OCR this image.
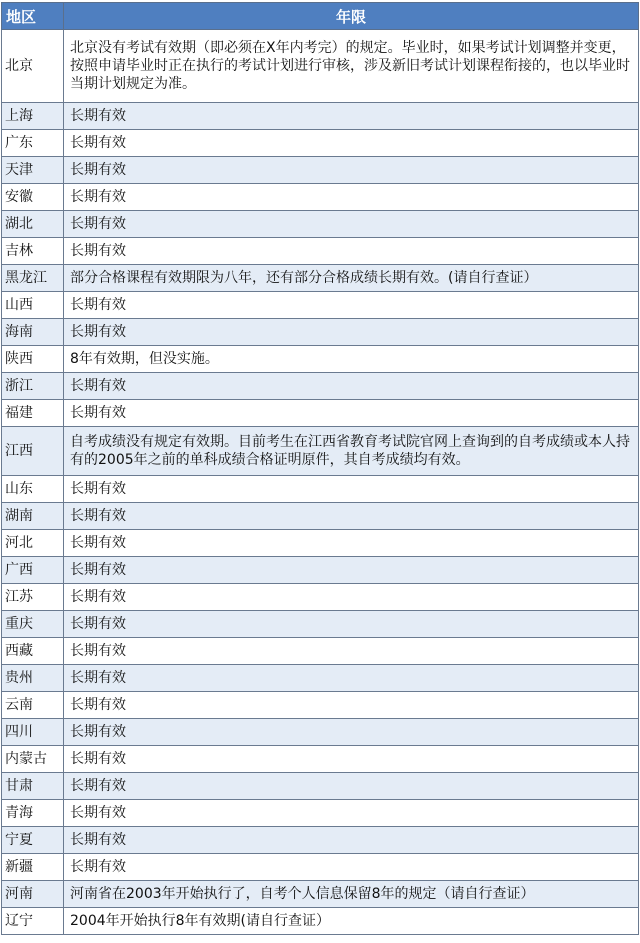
地区	年限
北京	北京没有考试有效期（即必须在X年内考完）的规定。毕业时，如果考试计划调整并变更，按照申请毕业时正在执行的考试计划进行审核，涉及新旧考试计划课程衔接的，也以毕业时当期计划规定为准。
上海	长期有效
广东	长期有效
天津	长期有效
安徽	长期有效
湖北	长期有效
吉林	长期有效
黑龙江	部分合格课程有效期限为八年，还有部分合格成绩长期有效。(请自行查证）
山西	长期有效
海南	长期有效
陕西	8年有效期，但没实施。
浙江	长期有效
福建	长期有效
江西	自考成绩没有规定有效期。目前考生在江西省教育考试院官网上查询到的自考成绩或本人持有的2005年之前的单科成绩合格证明原件，其自考成绩均有效。
山东	长期有效
湖南	长期有效
河北	长期有效
广西	长期有效
江苏	长期有效
重庆	长期有效
西藏	长期有效
贵州	长期有效
云南	长期有效
四川	长期有效
内蒙古	长期有效
甘肃	长期有效
青海	长期有效
宁夏	长期有效
新疆	长期有效
河南	河南省在2003年开始执行了，自考个人信息保留8年的规定（请自行查证）
辽宁	2004年开始执行8年有效期(请自行查证）
